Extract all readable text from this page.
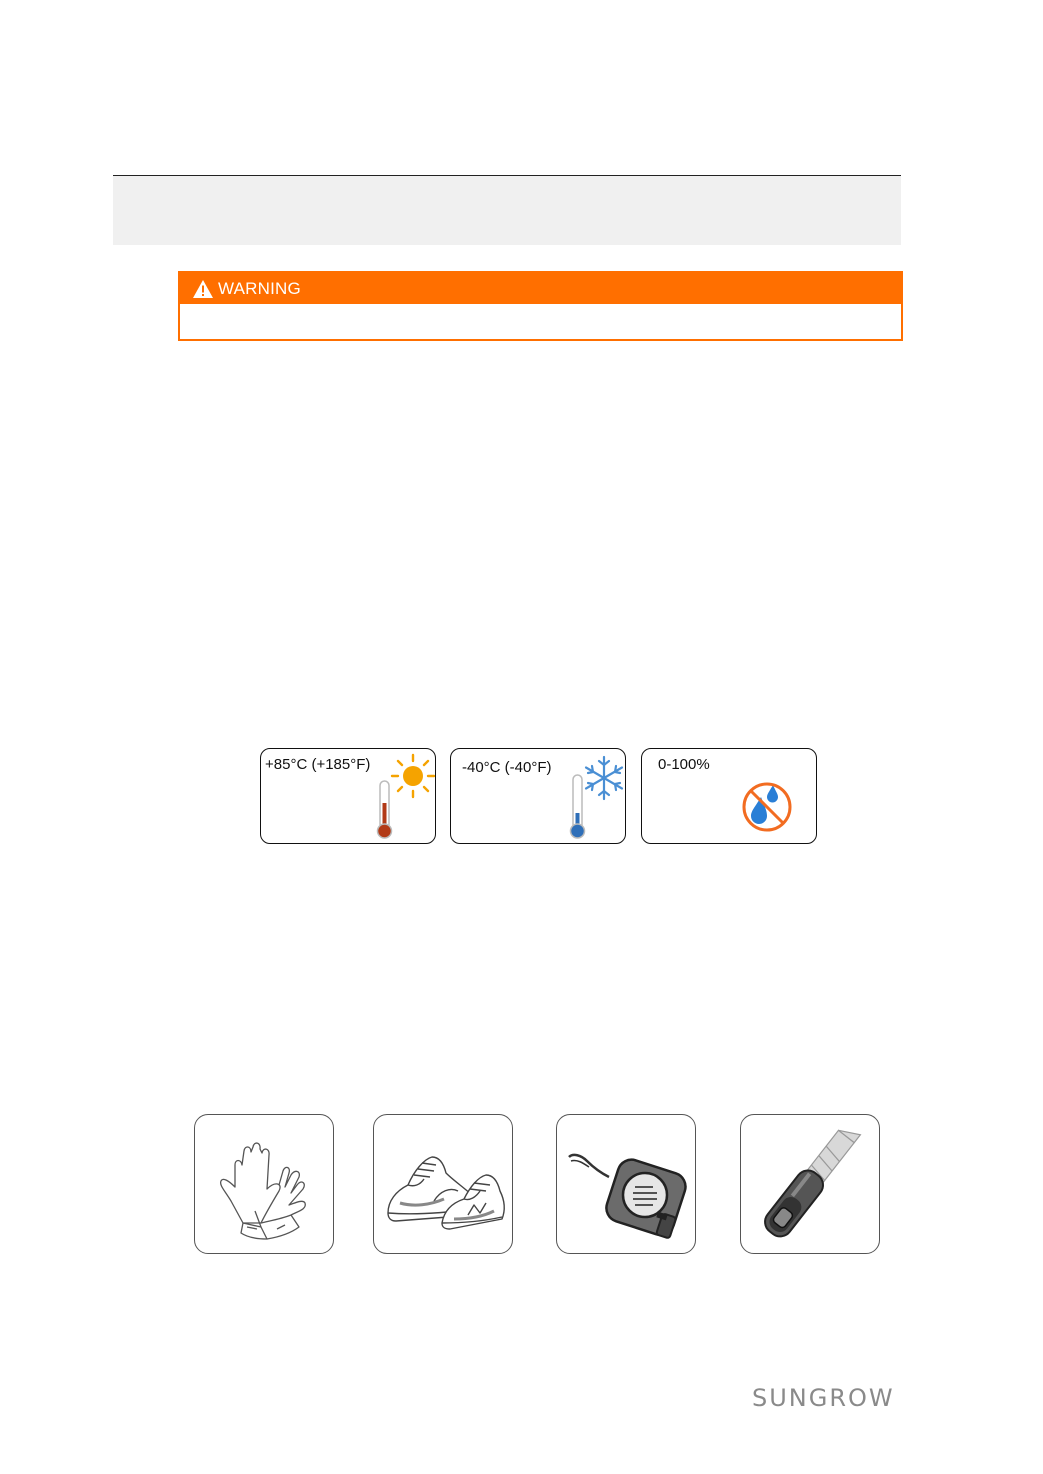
WARNING
+85°C (+185°F)	-40°C (-40°F)	0-100%
SUNGROW
